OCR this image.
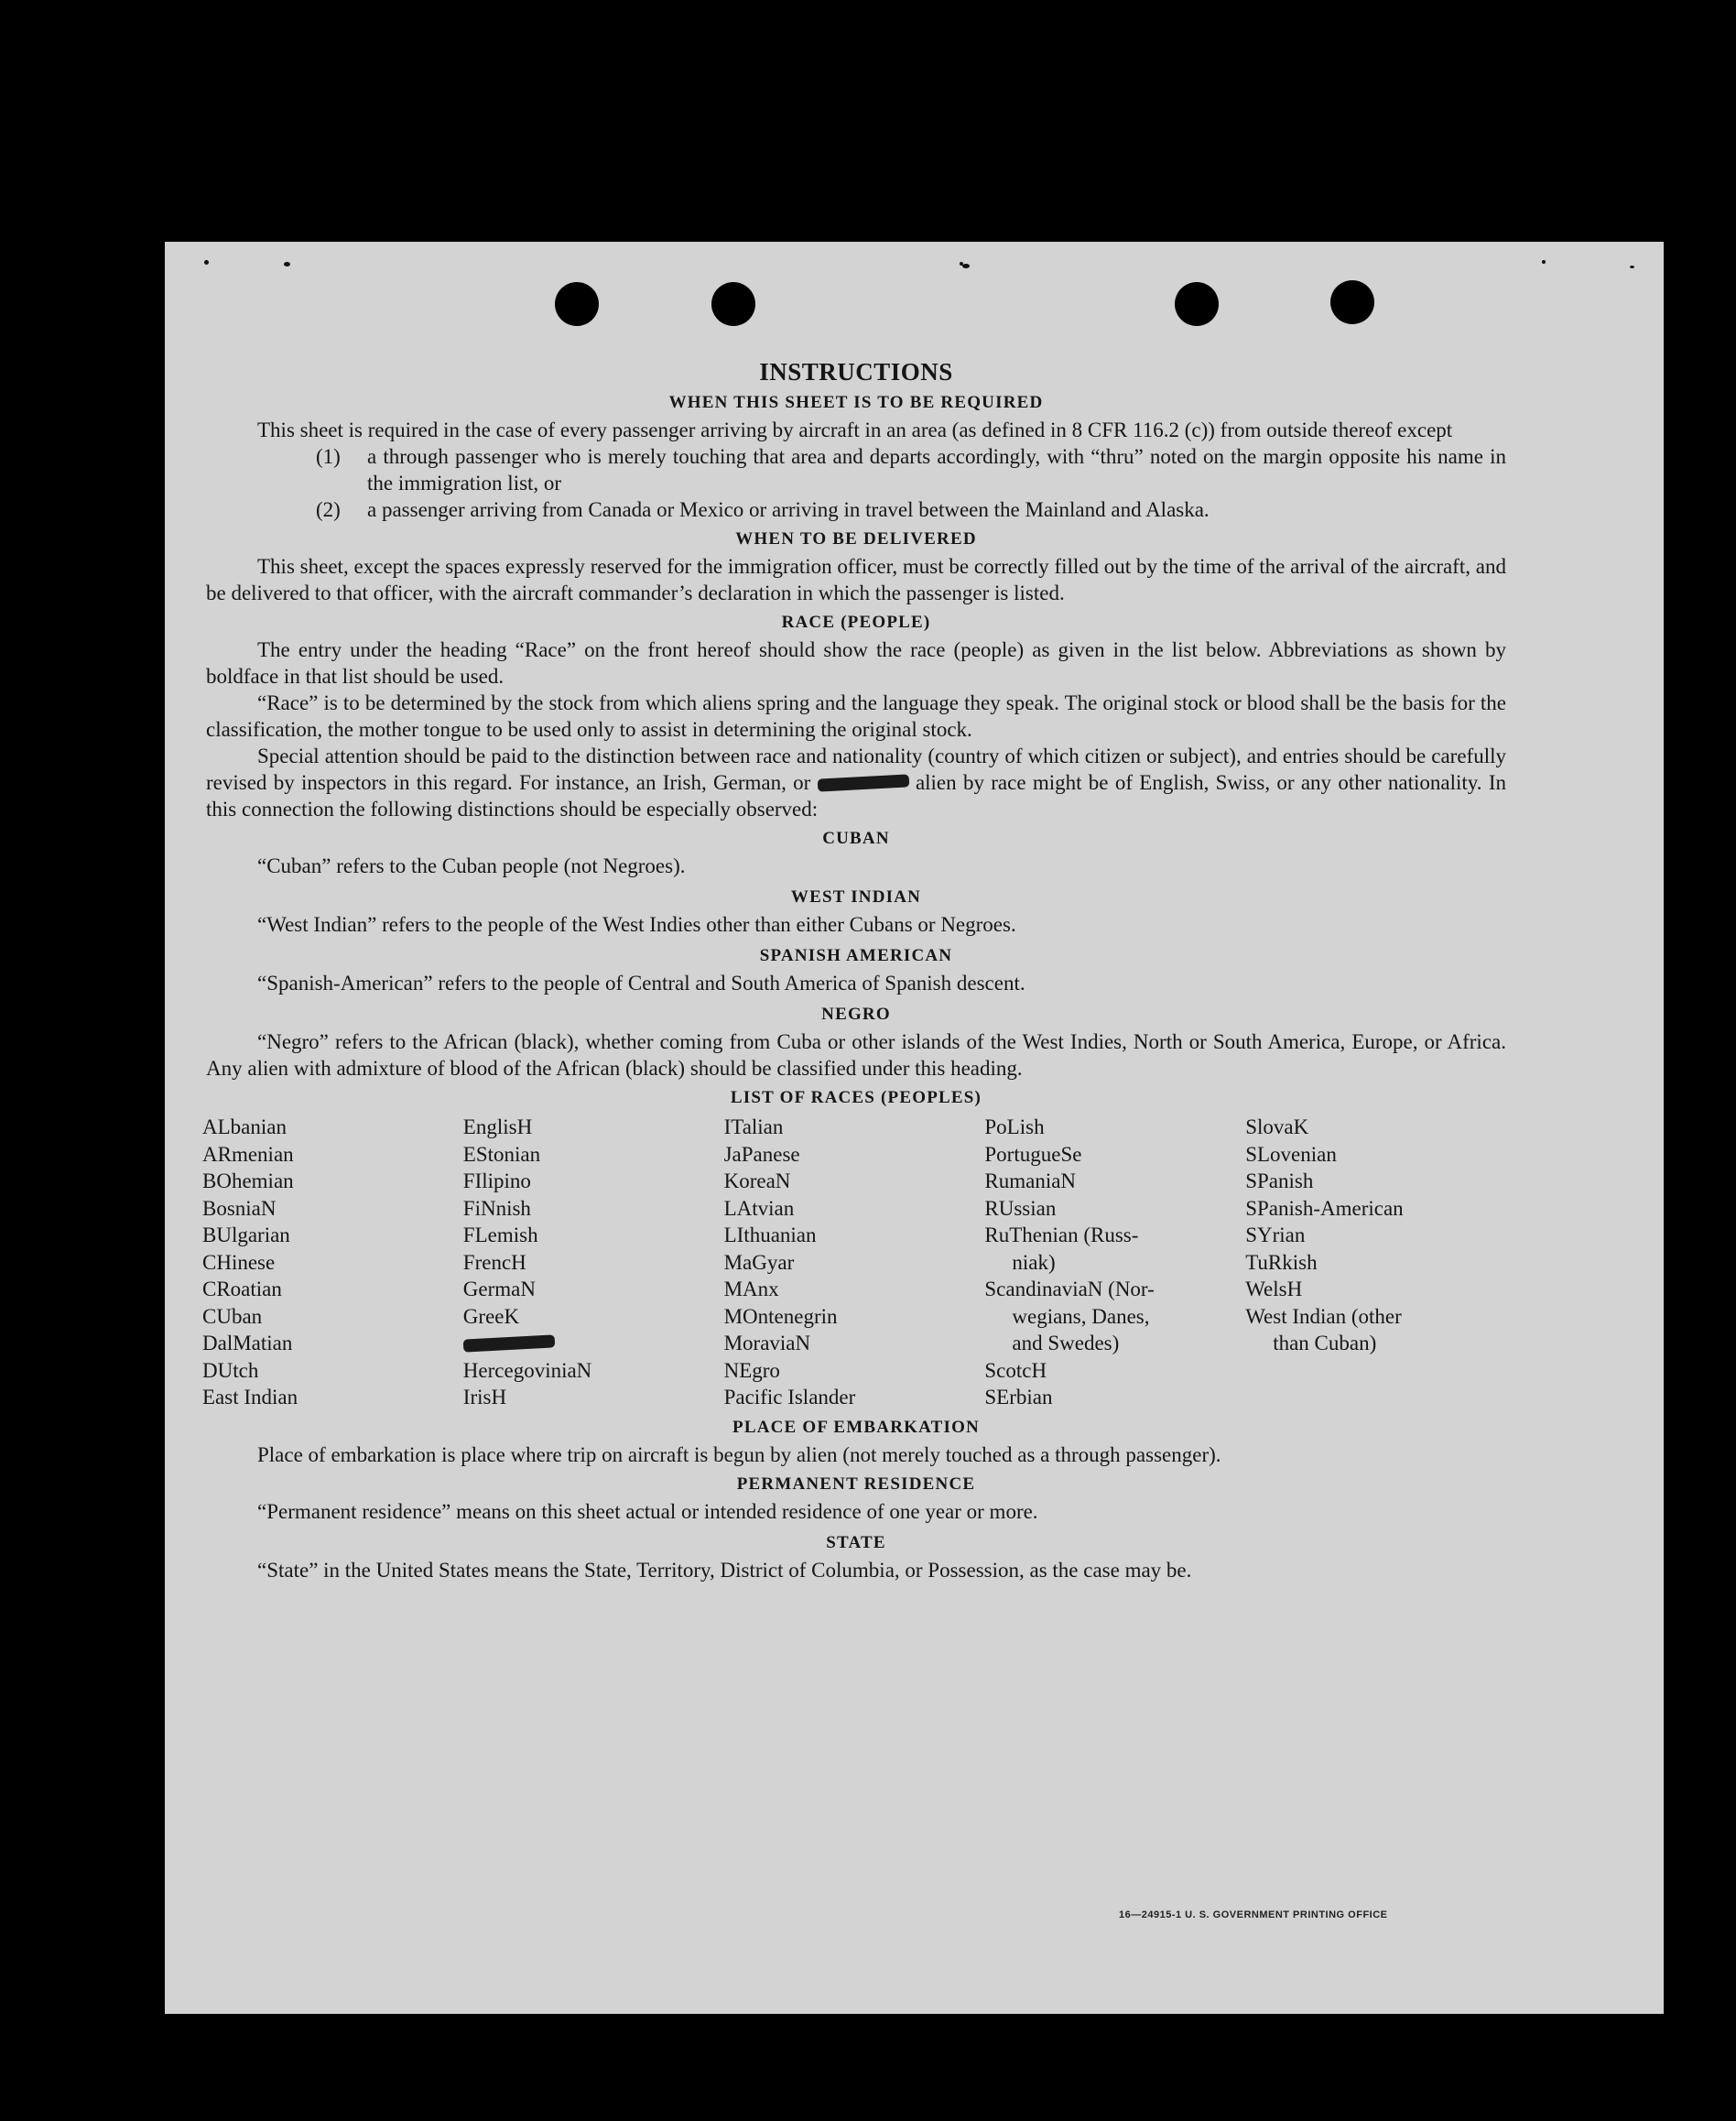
INSTRUCTIONS
WHEN THIS SHEET IS TO BE REQUIRED

This sheet is required in the case of every passenger arriving by aircraft in an area (as defined in 8 CFR 116.2 (c)) from outside thereof except

(1)	a through passenger who is merely touching that area and departs accordingly, with “thru” noted on the margin opposite his name in the immigration list, or
(2)	a passenger arriving from Canada or Mexico or arriving in travel between the Mainland and Alaska.
WHEN TO BE DELIVERED

This sheet, except the spaces expressly reserved for the immigration officer, must be correctly filled out by the time of the arrival of the aircraft, and be delivered to that officer, with the aircraft commander’s declaration in which the passenger is listed.

RACE (PEOPLE)

The entry under the heading “Race” on the front hereof should show the race (people) as given in the list below. Abbreviations as shown by boldface in that list should be used.

“Race” is to be determined by the stock from which aliens spring and the language they speak. The original stock or blood shall be the basis for the classification, the mother tongue to be used only to assist in determining the original stock.

Special attention should be paid to the distinction between race and nationality (country of which citizen or subject), and entries should be carefully revised by inspectors in this regard. For instance, an Irish, German, or	alien by race might be of English, Swiss, or any other nationality. In this connection the following distinctions should be especially observed:

CUBAN

“Cuban” refers to the Cuban people (not Negroes).

WEST INDIAN

“West Indian” refers to the people of the West Indies other than either Cubans or Negroes.

SPANISH AMERICAN

“Spanish-American” refers to the people of Central and South America of Spanish descent.

NEGRO

“Negro” refers to the African (black), whether coming from Cuba or other islands of the West Indies, North or South America, Europe, or Africa. Any alien with admixture of blood of the African (black) should be classified under this heading.

LIST OF RACES (PEOPLES)
ALbanian
ARmenian
BOhemian
BosniaN
BUlgarian
CHinese
CRoatian
CUban
DalMatian
DUtch
East Indian
EnglisH
EStonian
FIlipino
FiNnish
FLemish
FrencH
GermaN
GreeK
HercegoviniaN
IrisH
ITalian
JaPanese
KoreaN
LAtvian
LIthuanian
MaGyar
MAnx
MOntenegrin
MoraviaN
NEgro
Pacific Islander
PoLish
PortugueSe
RumaniaN
RUssian
RuThenian (Russ-
niak)
ScandinaviaN (Nor-
wegians, Danes,
and Swedes)
ScotcH
SErbian
SlovaK
SLovenian
SPanish
SPanish-American
SYrian
TuRkish
WelsH
West Indian (other
than Cuban)
PLACE OF EMBARKATION

Place of embarkation is place where trip on aircraft is begun by alien (not merely touched as a through passenger).

PERMANENT RESIDENCE

“Permanent residence” means on this sheet actual or intended residence of one year or more.

STATE

“State” in the United States means the State, Territory, District of Columbia, or Possession, as the case may be.

16—24915-1 U. S. GOVERNMENT PRINTING OFFICE
